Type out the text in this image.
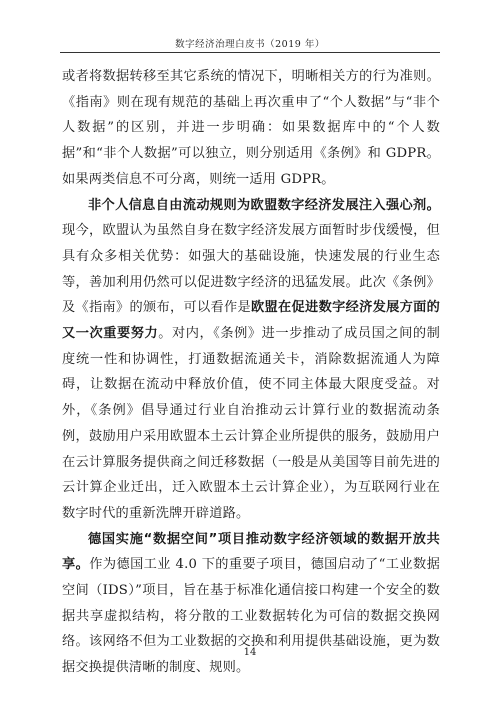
数字经济治理白皮书（2019 年）

或者将数据转移至其它系统的情况下，明晰相关方的行为准则。《指南》则在现有规范的基础上再次重申了“个人数据”与“非个人数据”的区别，并进一步明确：如果数据库中的“个人数据”和“非个人数据”可以独立，则分别适用《条例》和 GDPR。如果两类信息不可分离，则统一适用 GDPR。

非个人信息自由流动规则为欧盟数字经济发展注入强心剂。现今，欧盟认为虽然自身在数字经济发展方面暂时步伐缓慢，但具有众多相关优势：如强大的基础设施，快速发展的行业生态等，善加利用仍然可以促进数字经济的迅猛发展。此次《条例》及《指南》的颁布，可以看作是欧盟在促进数字经济发展方面的又一次重要努力。对内，《条例》进一步推动了成员国之间的制度统一性和协调性，打通数据流通关卡，消除数据流通人为障碍，让数据在流动中释放价值，使不同主体最大限度受益。对外，《条例》倡导通过行业自治推动云计算行业的数据流动条例，鼓励用户采用欧盟本土云计算企业所提供的服务，鼓励用户在云计算服务提供商之间迁移数据（一般是从美国等目前先进的云计算企业迁出，迁入欧盟本土云计算企业），为互联网行业在数字时代的重新洗牌开辟道路。

德国实施“数据空间”项目推动数字经济领域的数据开放共享。作为德国工业 4.0 下的重要子项目，德国启动了“工业数据空间（IDS）”项目，旨在基于标准化通信接口构建一个安全的数据共享虚拟结构，将分散的工业数据转化为可信的数据交换网络。该网络不但为工业数据的交换和利用提供基础设施，更为数据交换提供清晰的制度、规则。

14
